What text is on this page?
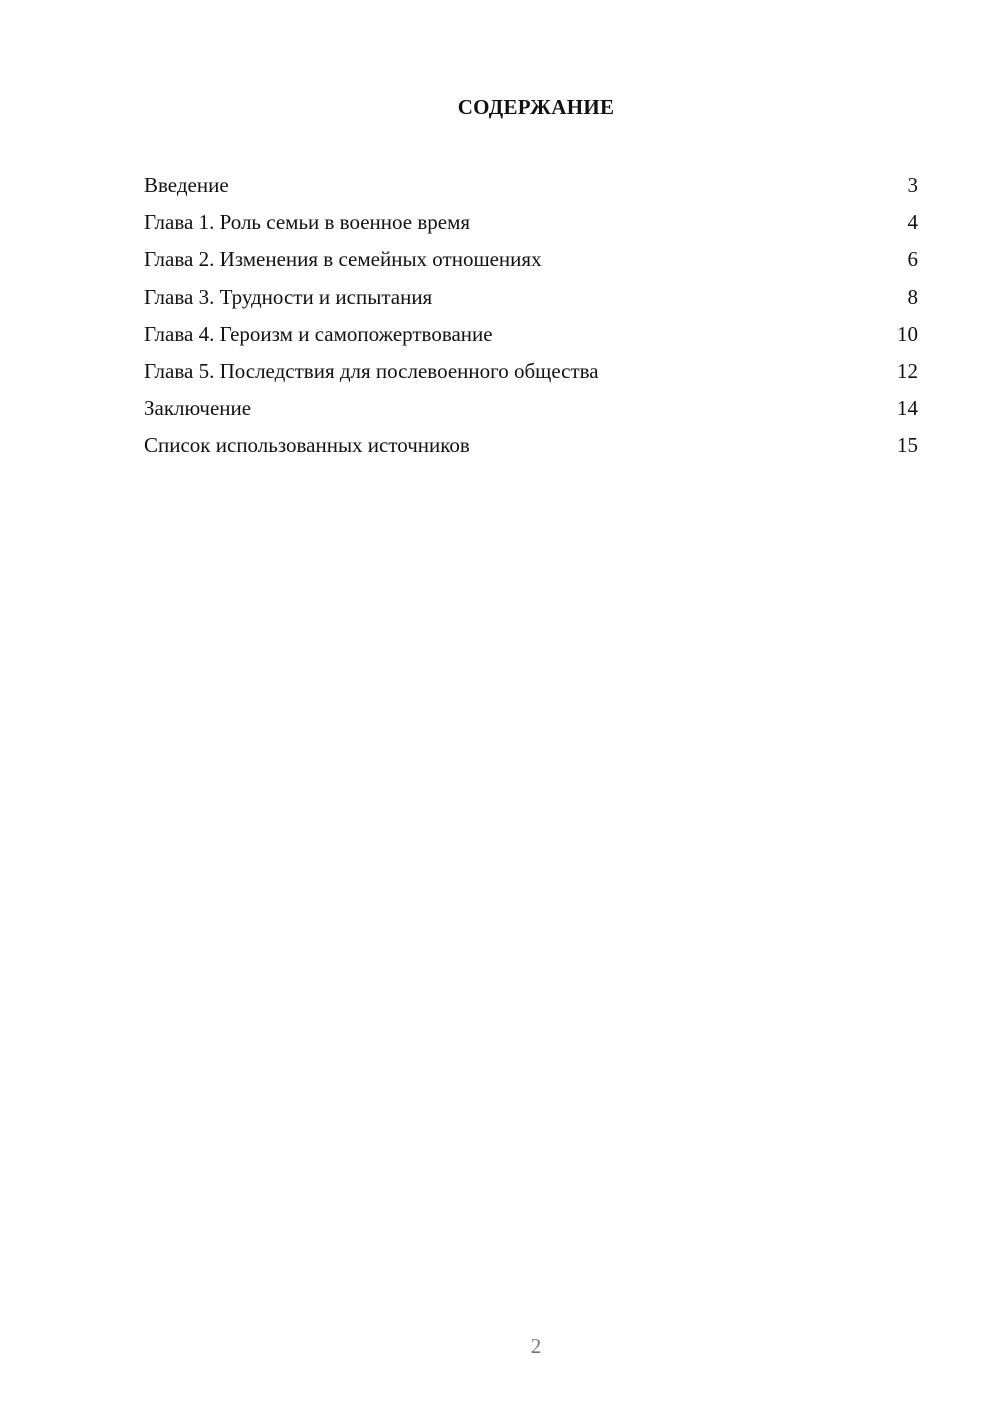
СОДЕРЖАНИЕ
Введение	3
Глава 1. Роль семьи в военное время	4
Глава 2. Изменения в семейных отношениях	6
Глава 3. Трудности и испытания	8
Глава 4. Героизм и самопожертвование	10
Глава 5. Последствия для послевоенного общества	12
Заключение	14
Список использованных источников	15
2
